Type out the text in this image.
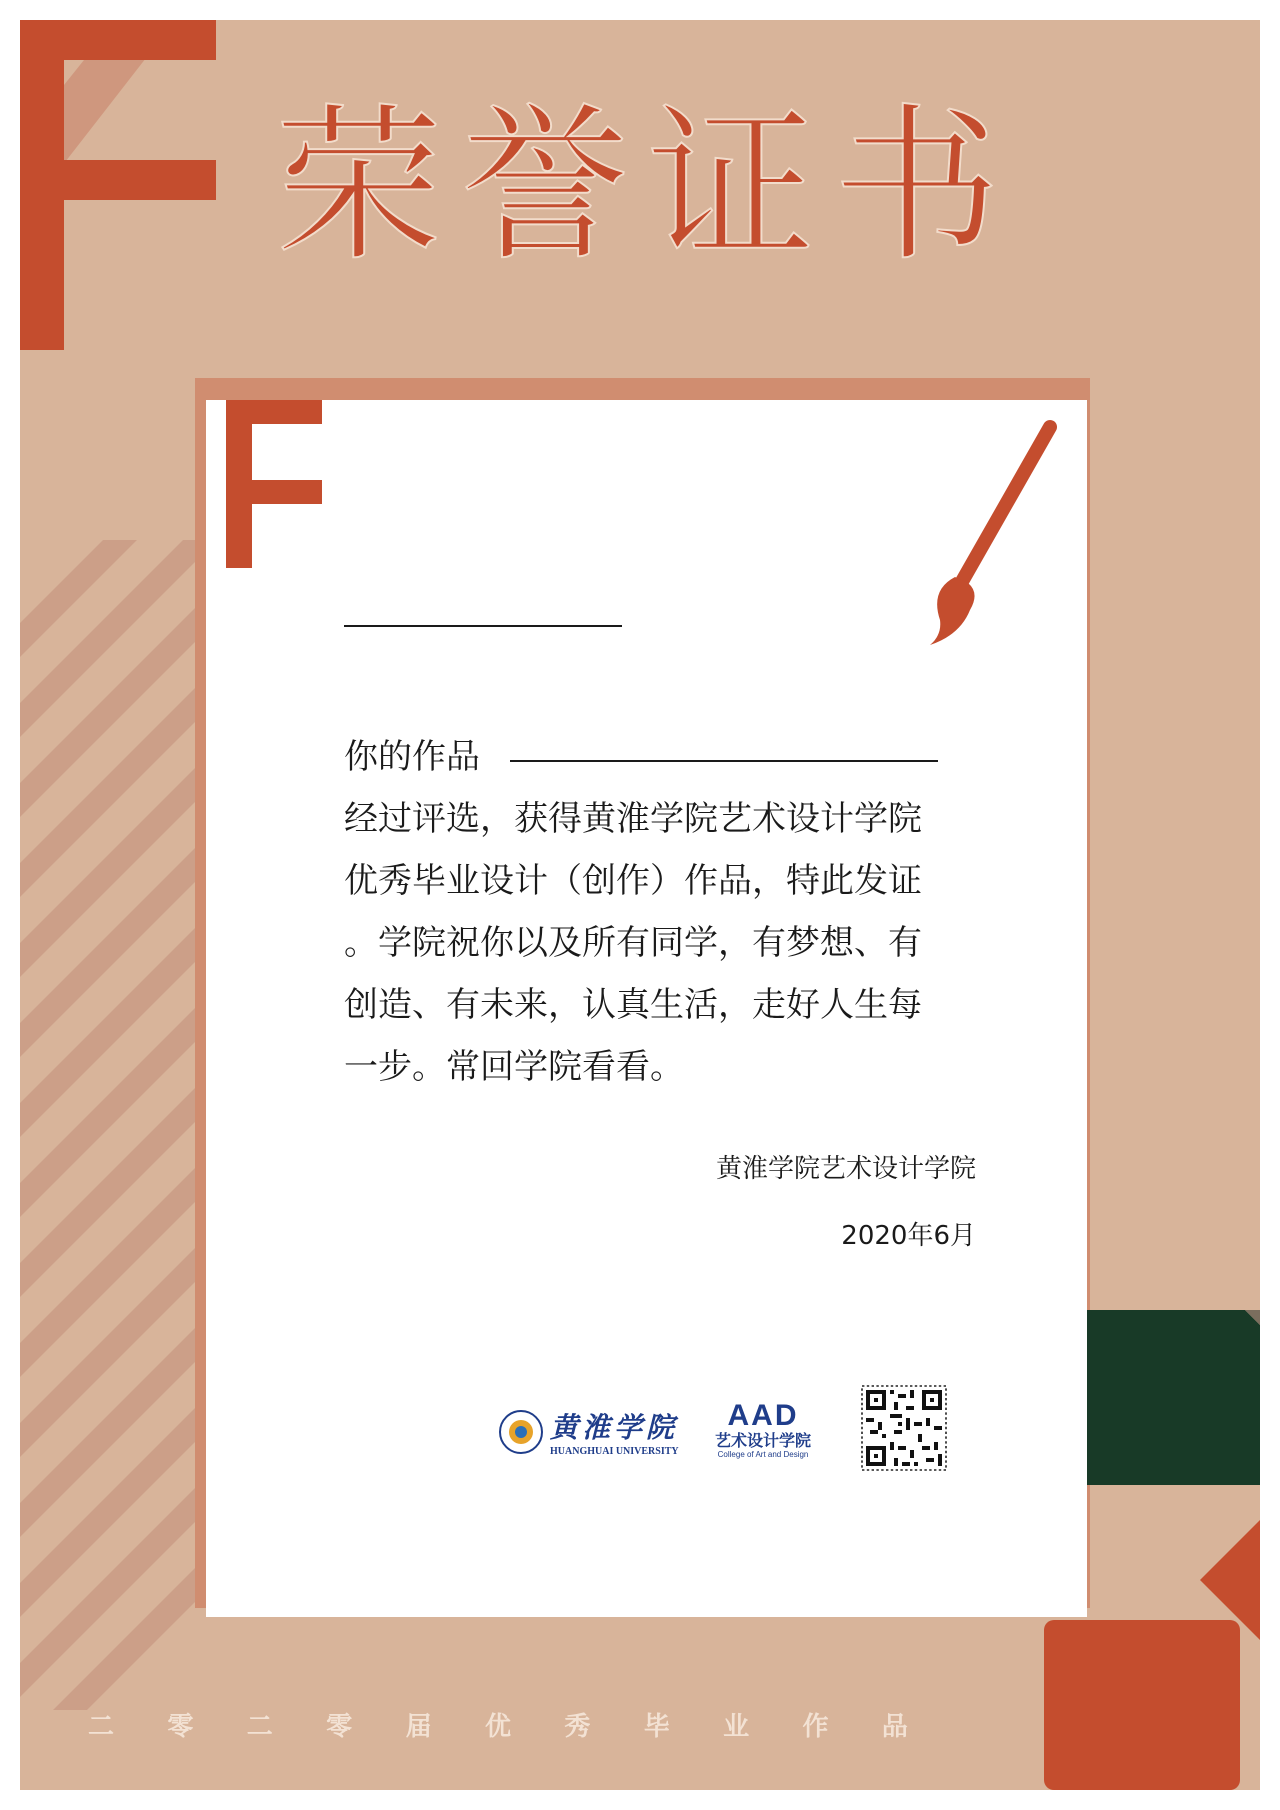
荣誉证书
你的作品
经过评选，获得黄淮学院艺术设计学院
优秀毕业设计（创作）作品，特此发证
。学院祝你以及所有同学，有梦想、有
创造、有未来，认真生活，走好人生每
一步。常回学院看看。
黄淮学院艺术设计学院
2020年6月
黄淮学院
HUANGHUAI UNIVERSITY
AAD
艺术设计学院
College of Art and Design
二 零 二 零 届 优 秀 毕 业 作 品
